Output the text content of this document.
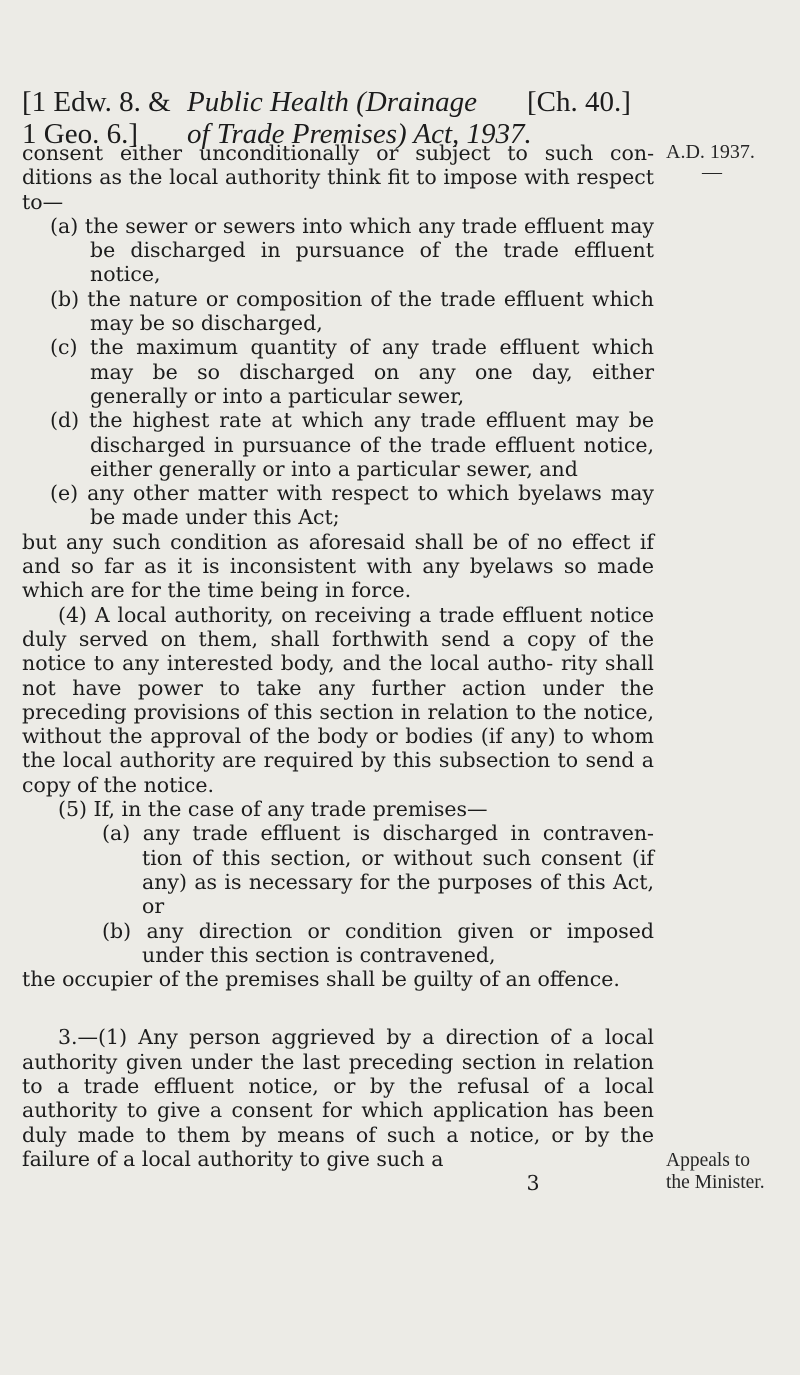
[1 Edw. 8. & Public Health (Drainage [Ch. 40.]
1 Geo. 6.] of Trade Premises) Act, 1937.
A.D. 1937.
—
Appeals to
the Minister.

consent either unconditionally or subject to such con- ditions as the local authority think fit to impose with respect to—

(a) the sewer or sewers into which any trade effluent may be discharged in pursuance of the trade effluent notice,

(b) the nature or composition of the trade effluent which may be so discharged,

(c) the maximum quantity of any trade effluent which may be so discharged on any one day, either generally or into a particular sewer,

(d) the highest rate at which any trade effluent may be discharged in pursuance of the trade effluent notice, either generally or into a particular sewer, and

(e) any other matter with respect to which byelaws may be made under this Act;

but any such condition as aforesaid shall be of no effect if and so far as it is inconsistent with any byelaws so made which are for the time being in force.

(4) A local authority, on receiving a trade effluent notice duly served on them, shall forthwith send a copy of the notice to any interested body, and the local autho- rity shall not have power to take any further action under the preceding provisions of this section in relation to the notice, without the approval of the body or bodies (if any) to whom the local authority are required by this subsection to send a copy of the notice.

(5) If, in the case of any trade premises—

(a) any trade effluent is discharged in contraven- tion of this section, or without such consent (if any) as is necessary for the purposes of this Act, or

(b) any direction or condition given or imposed under this section is contravened,

the occupier of the premises shall be guilty of an offence.

3.—(1) Any person aggrieved by a direction of a local authority given under the last preceding section in relation to a trade effluent notice, or by the refusal of a local authority to give a consent for which application has been duly made to them by means of such a notice, or by the failure of a local authority to give such a

3
